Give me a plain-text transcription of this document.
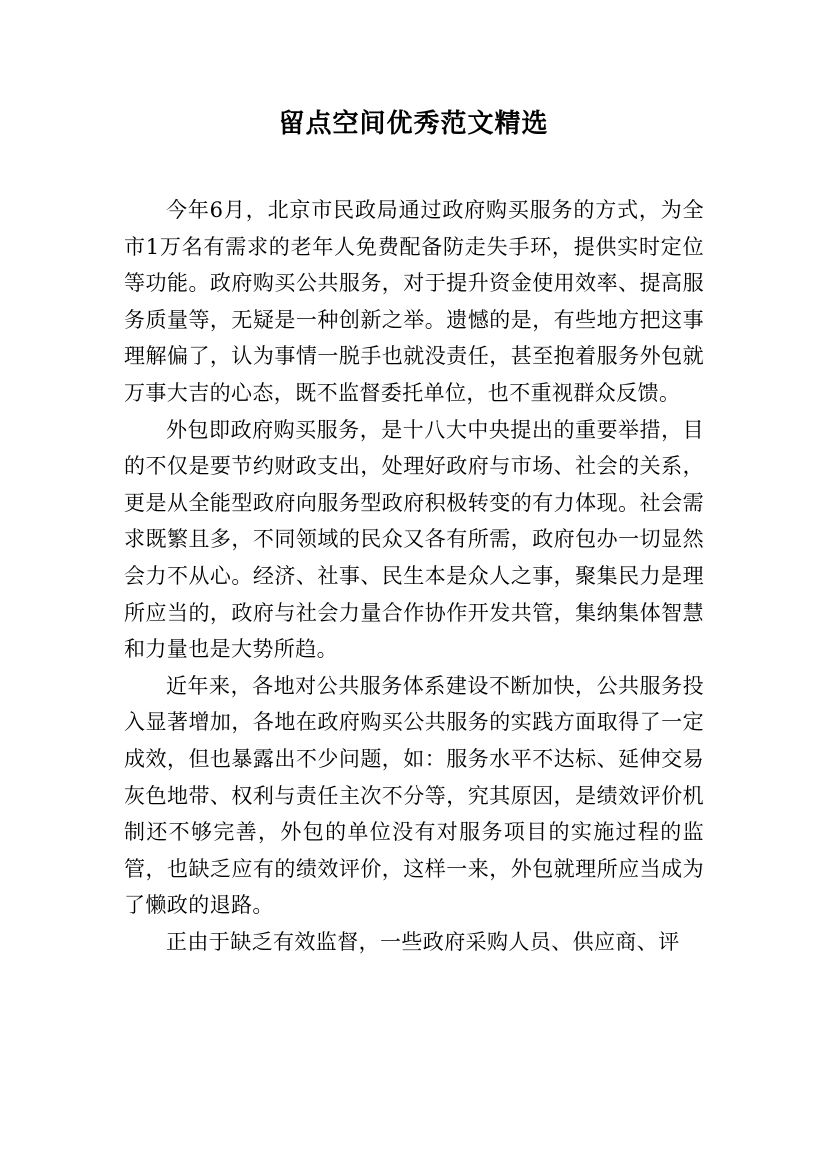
留点空间优秀范文精选

今年6月，北京市民政局通过政府购买服务的方式，为全市1万名有需求的老年人免费配备防走失手环，提供实时定位等功能。政府购买公共服务，对于提升资金使用效率、提高服务质量等，无疑是一种创新之举。遗憾的是，有些地方把这事理解偏了，认为事情一脱手也就没责任，甚至抱着服务外包就万事大吉的心态，既不监督委托单位，也不重视群众反馈。

外包即政府购买服务，是十八大中央提出的重要举措，目的不仅是要节约财政支出，处理好政府与市场、社会的关系，更是从全能型政府向服务型政府积极转变的有力体现。社会需求既繁且多，不同领域的民众又各有所需，政府包办一切显然会力不从心。经济、社事、民生本是众人之事，聚集民力是理所应当的，政府与社会力量合作协作开发共管，集纳集体智慧和力量也是大势所趋。

近年来，各地对公共服务体系建设不断加快，公共服务投入显著增加，各地在政府购买公共服务的实践方面取得了一定成效，但也暴露出不少问题，如：服务水平不达标、延伸交易灰色地带、权利与责任主次不分等，究其原因，是绩效评价机制还不够完善，外包的单位没有对服务项目的实施过程的监管，也缺乏应有的绩效评价，这样一来，外包就理所应当成为了懒政的退路。

正由于缺乏有效监督，一些政府采购人员、供应商、评
